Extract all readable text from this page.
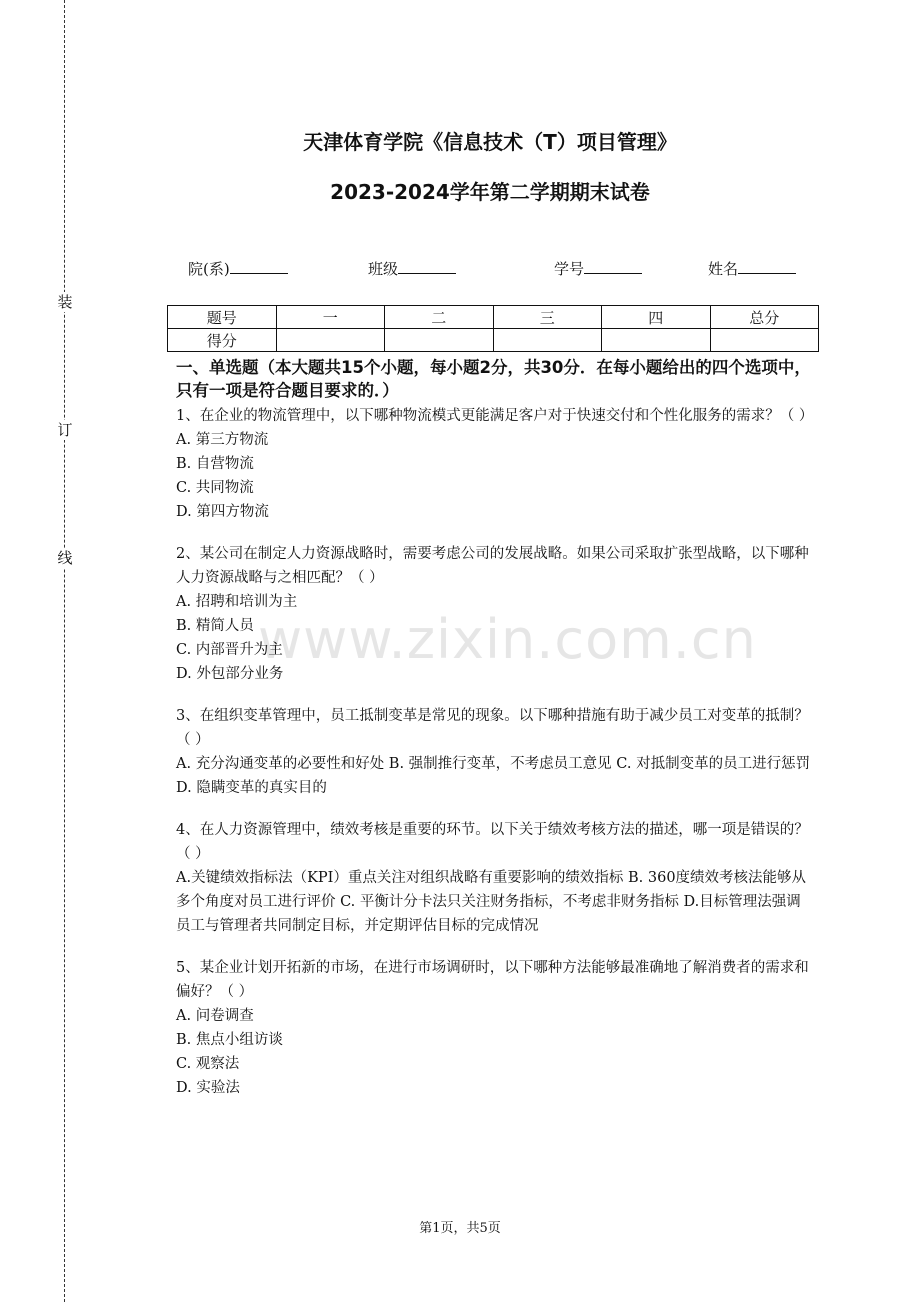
装
订
线
www.zixin.com.cn
天津体育学院《信息技术（T）项目管理》
2023-2024学年第二学期期末试卷
院(系)	班级	学号	姓名
题号	一	二	三	四	总分
得分					
一、单选题（本大题共15个小题，每小题2分，共30分．在每小题给出的四个选项中，只有一项是符合题目要求的．）
1、在企业的物流管理中，以下哪种物流模式更能满足客户对于快速交付和个性化服务的需求？（ ）
A. 第三方物流
B. 自营物流
C. 共同物流
D. 第四方物流
2、某公司在制定人力资源战略时，需要考虑公司的发展战略。如果公司采取扩张型战略，以下哪种人力资源战略与之相匹配？（ ）
A. 招聘和培训为主
B. 精简人员
C. 内部晋升为主
D. 外包部分业务
3、在组织变革管理中，员工抵制变革是常见的现象。以下哪种措施有助于减少员工对变革的抵制？（ ）
A. 充分沟通变革的必要性和好处 B. 强制推行变革，不考虑员工意见 C. 对抵制变革的员工进行惩罚 D. 隐瞒变革的真实目的
4、在人力资源管理中，绩效考核是重要的环节。以下关于绩效考核方法的描述，哪一项是错误的？（ ）
A.关键绩效指标法（KPI）重点关注对组织战略有重要影响的绩效指标 B. 360度绩效考核法能够从多个角度对员工进行评价 C. 平衡计分卡法只关注财务指标，不考虑非财务指标 D.目标管理法强调员工与管理者共同制定目标，并定期评估目标的完成情况
5、某企业计划开拓新的市场，在进行市场调研时，以下哪种方法能够最准确地了解消费者的需求和偏好？（ ）
A. 问卷调查
B. 焦点小组访谈
C. 观察法
D. 实验法
第1页，共5页
